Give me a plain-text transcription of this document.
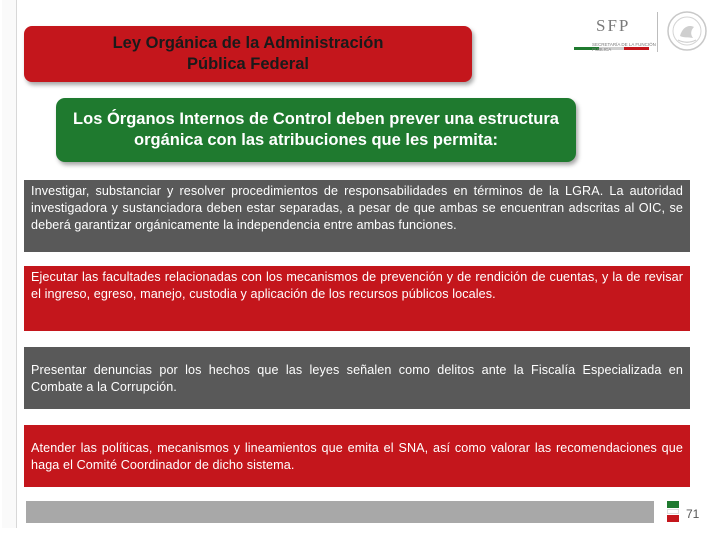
Ley Orgánica de la Administración Pública Federal
SFP
SECRETARÍA DE LA FUNCIÓN PÚBLICA
Los Órganos Internos de Control deben prever una estructura orgánica con las atribuciones que les permita:
Investigar, substanciar y resolver procedimientos de responsabilidades en términos de la LGRA. La autoridad investigadora y sustanciadora deben estar separadas, a pesar de que ambas se encuentran adscritas al OIC, se deberá garantizar orgánicamente la independencia entre ambas funciones.
Ejecutar las facultades relacionadas con los mecanismos de prevención y de rendición de cuentas, y la de revisar el ingreso, egreso, manejo, custodia y aplicación de los recursos públicos locales.
Presentar denuncias por los hechos que las leyes señalen como delitos ante la Fiscalía Especializada en Combate a la Corrupción.
Atender las políticas, mecanismos y lineamientos que emita el SNA, así como valorar las recomendaciones que haga el Comité Coordinador de dicho sistema.
71
